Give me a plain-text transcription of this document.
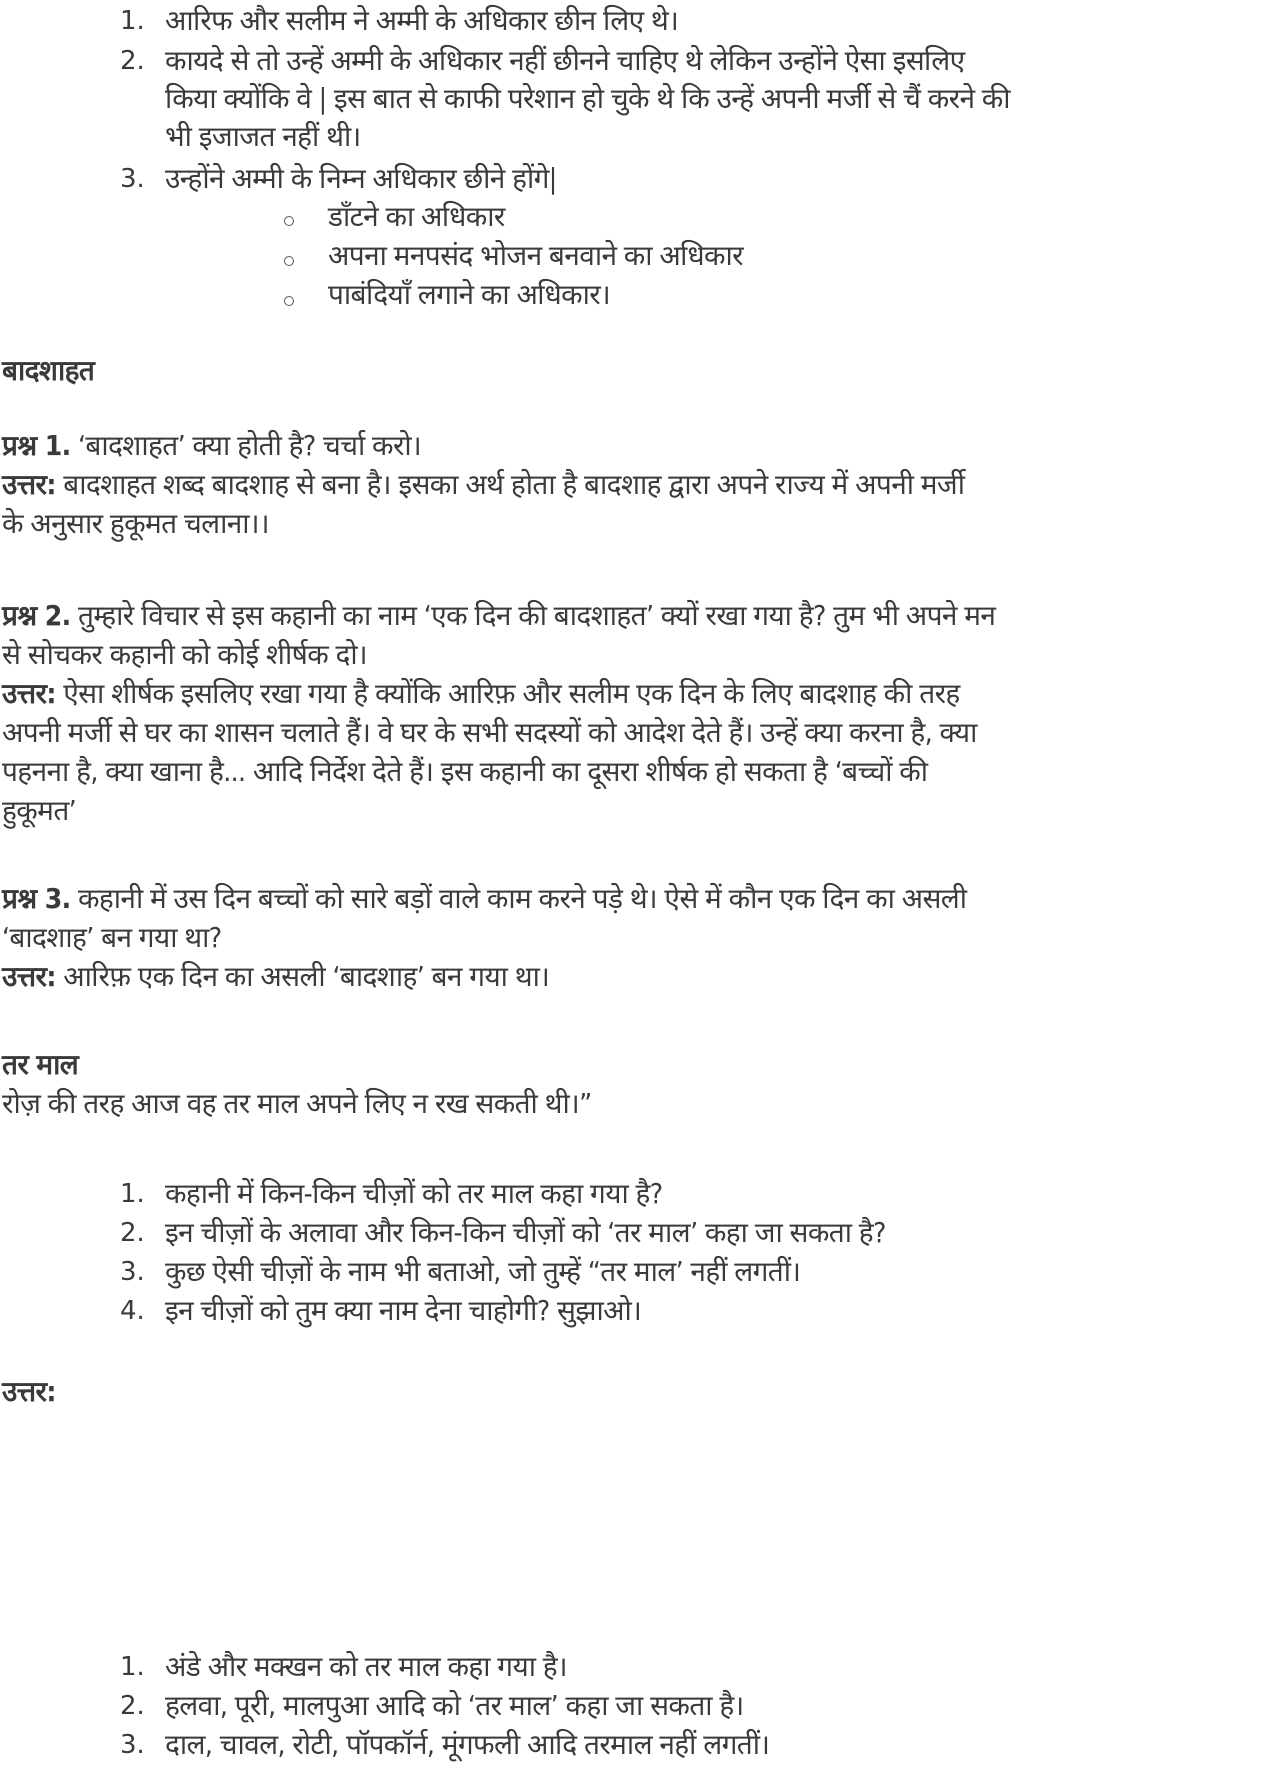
1. आरिफ और सलीम ने अम्मी के अधिकार छीन लिए थे।
2. कायदे से तो उन्हें अम्मी के अधिकार नहीं छीनने चाहिए थे लेकिन उन्होंने ऐसा इसलिए
किया क्योंकि वे | इस बात से काफी परेशान हो चुके थे कि उन्हें अपनी मर्जी से चैं करने की
भी इजाजत नहीं थी।
3. उन्होंने अम्मी के निम्न अधिकार छीने होंगे|
डाँटने का अधिकार
अपना मनपसंद भोजन बनवाने का अधिकार
पाबंदियाँ लगाने का अधिकार।
बादशाहत
प्रश्न 1. ‘बादशाहत’ क्या होती है? चर्चा करो।
उत्तर: बादशाहत शब्द बादशाह से बना है। इसका अर्थ होता है बादशाह द्वारा अपने राज्य में अपनी मर्जी
के अनुसार हुकूमत चलाना।।
प्रश्न 2. तुम्हारे विचार से इस कहानी का नाम ‘एक दिन की बादशाहत’ क्यों रखा गया है? तुम भी अपने मन
से सोचकर कहानी को कोई शीर्षक दो।
उत्तर: ऐसा शीर्षक इसलिए रखा गया है क्योंकि आरिफ़ और सलीम एक दिन के लिए बादशाह की तरह
अपनी मर्जी से घर का शासन चलाते हैं। वे घर के सभी सदस्यों को आदेश देते हैं। उन्हें क्या करना है, क्या
पहनना है, क्या खाना है... आदि निर्देश देते हैं। इस कहानी का दूसरा शीर्षक हो सकता है ‘बच्चों की
हुकूमत’
प्रश्न 3. कहानी में उस दिन बच्चों को सारे बड़ों वाले काम करने पड़े थे। ऐसे में कौन एक दिन का असली
‘बादशाह’ बन गया था?
उत्तर: आरिफ़ एक दिन का असली ‘बादशाह’ बन गया था।
तर माल
रोज़ की तरह आज वह तर माल अपने लिए न रख सकती थी।”
1. कहानी में किन-किन चीज़ों को तर माल कहा गया है?
2. इन चीज़ों के अलावा और किन-किन चीज़ों को ‘तर माल’ कहा जा सकता है?
3. कुछ ऐसी चीज़ों के नाम भी बताओ, जो तुम्हें “तर माल’ नहीं लगतीं।
4. इन चीज़ों को तुम क्या नाम देना चाहोगी? सुझाओ।
उत्तर:
1. अंडे और मक्खन को तर माल कहा गया है।
2. हलवा, पूरी, मालपुआ आदि को ‘तर माल’ कहा जा सकता है।
3. दाल, चावल, रोटी, पॉपकॉर्न, मूंगफली आदि तरमाल नहीं लगतीं।
